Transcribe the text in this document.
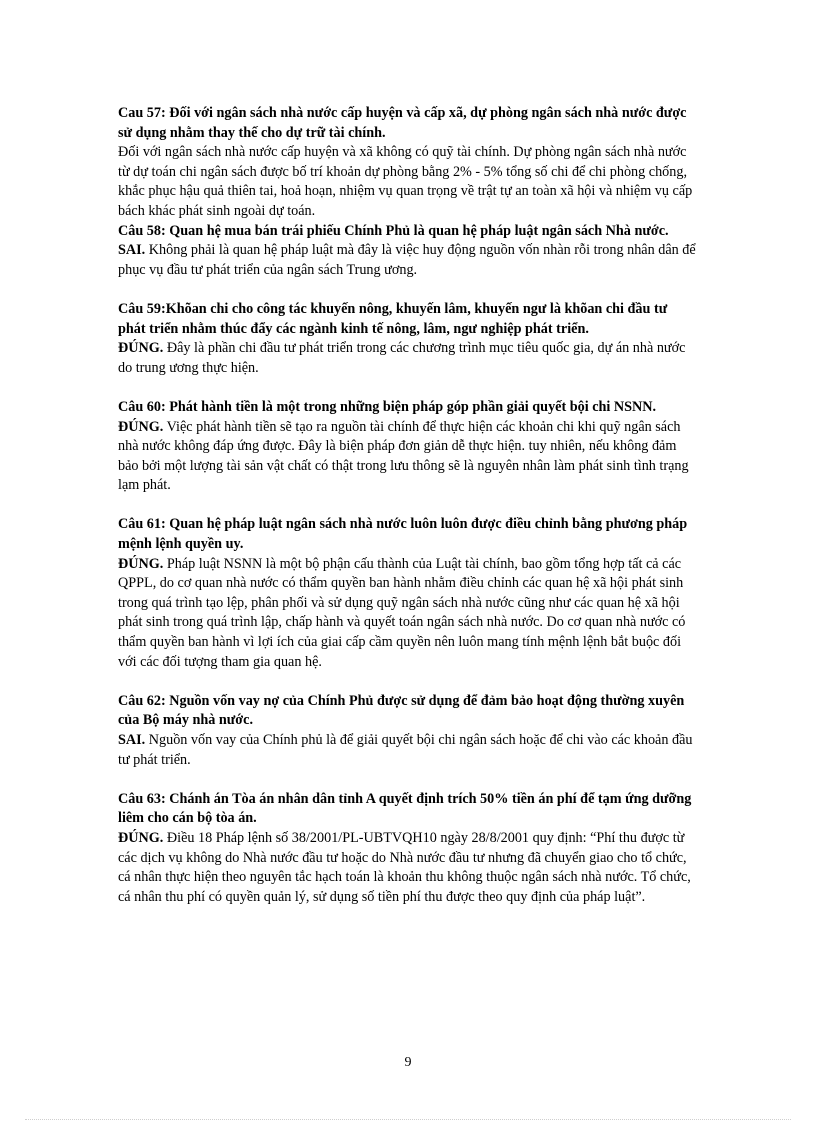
Cau 57: Đối với ngân sách nhà nước cấp huyện và cấp xã, dự phòng ngân sách nhà nước được sử dụng nhằm thay thế cho dự trữ tài chính.

Đối với ngân sách nhà nước cấp huyện và xã không có quỹ tài chính. Dự phòng ngân sách nhà nước từ dự toán chi ngân sách được bố trí khoản dự phòng bằng 2% - 5% tổng số chi để chi phòng chống, khắc phục hậu quả thiên tai, hoả hoạn, nhiệm vụ quan trọng về trật tự an toàn xã hội và nhiệm vụ cấp bách khác phát sinh ngoài dự toán.

Câu 58: Quan hệ mua bán trái phiếu Chính Phủ là quan hệ pháp luật ngân sách Nhà nước.

SAI. Không phải là quan hệ pháp luật mà đây là việc huy động nguồn vốn nhàn rỗi trong nhân dân để phục vụ đầu tư phát triển của ngân sách Trung ương.

Câu 59:Khõan chi cho công tác khuyến nông, khuyến lâm, khuyến ngư là khõan chi đầu tư phát triển nhằm thúc đẩy các ngành kinh tế nông, lâm, ngư nghiệp phát triển.

ĐÚNG. Đây là phần chi đầu tư phát triển trong các chương trình mục tiêu quốc gia, dự án nhà nước do trung ương thực hiện.

Câu 60: Phát hành tiền là một trong những biện pháp góp phần giải quyết bội chi NSNN.

ĐÚNG. Việc phát hành tiền sẽ tạo ra nguồn tài chính để thực hiện các khoản chi khi quỹ ngân sách nhà nước không đáp ứng được. Đây là biện pháp đơn giản dễ thực hiện. tuy nhiên, nếu không đảm bảo bởi một lượng tài sản vật chất có thật trong lưu thông sẽ là nguyên nhân làm phát sinh tình trạng lạm phát.

Câu 61: Quan hệ pháp luật ngân sách nhà nước luôn luôn được điều chỉnh bằng phương pháp mệnh lệnh quyền uy.

ĐÚNG. Pháp luật NSNN là một bộ phận cấu thành của Luật tài chính, bao gồm tổng hợp tất cả các QPPL, do cơ quan nhà nước có thẩm quyền ban hành nhằm điều chỉnh các quan hệ xã hội phát sinh trong quá trình tạo lệp, phân phối và sử dụng quỹ ngân sách nhà nước cũng như các quan hệ xã hội phát sinh trong quá trình lập, chấp hành và quyết toán ngân sách nhà nước. Do cơ quan nhà nước có thẩm quyền ban hành vì lợi ích của giai cấp cầm quyền nên luôn mang tính mệnh lệnh bắt buộc đối với các đối tượng tham gia quan hệ.

Câu 62: Nguồn vốn vay nợ của Chính Phủ được sử dụng để đảm bảo hoạt động thường xuyên của Bộ máy nhà nước.

SAI. Nguồn vốn vay của Chính phủ là để giải quyết bội chi ngân sách hoặc để chi vào các khoản đầu tư phát triển.

Câu 63: Chánh án Tòa án nhân dân tỉnh A quyết định trích 50% tiền án phí để tạm ứng dưỡng liêm cho cán bộ tòa án.

ĐÚNG. Điều 18 Pháp lệnh số 38/2001/PL-UBTVQH10 ngày 28/8/2001 quy định: “Phí thu được từ các dịch vụ không do Nhà nước đầu tư hoặc do Nhà nước đầu tư nhưng đã chuyển giao cho tổ chức, cá nhân thực hiện theo nguyên tắc hạch toán là khoản thu không thuộc ngân sách nhà nước. Tổ chức, cá nhân thu phí có quyền quản lý, sử dụng số tiền phí thu được theo quy định của pháp luật”.

9
